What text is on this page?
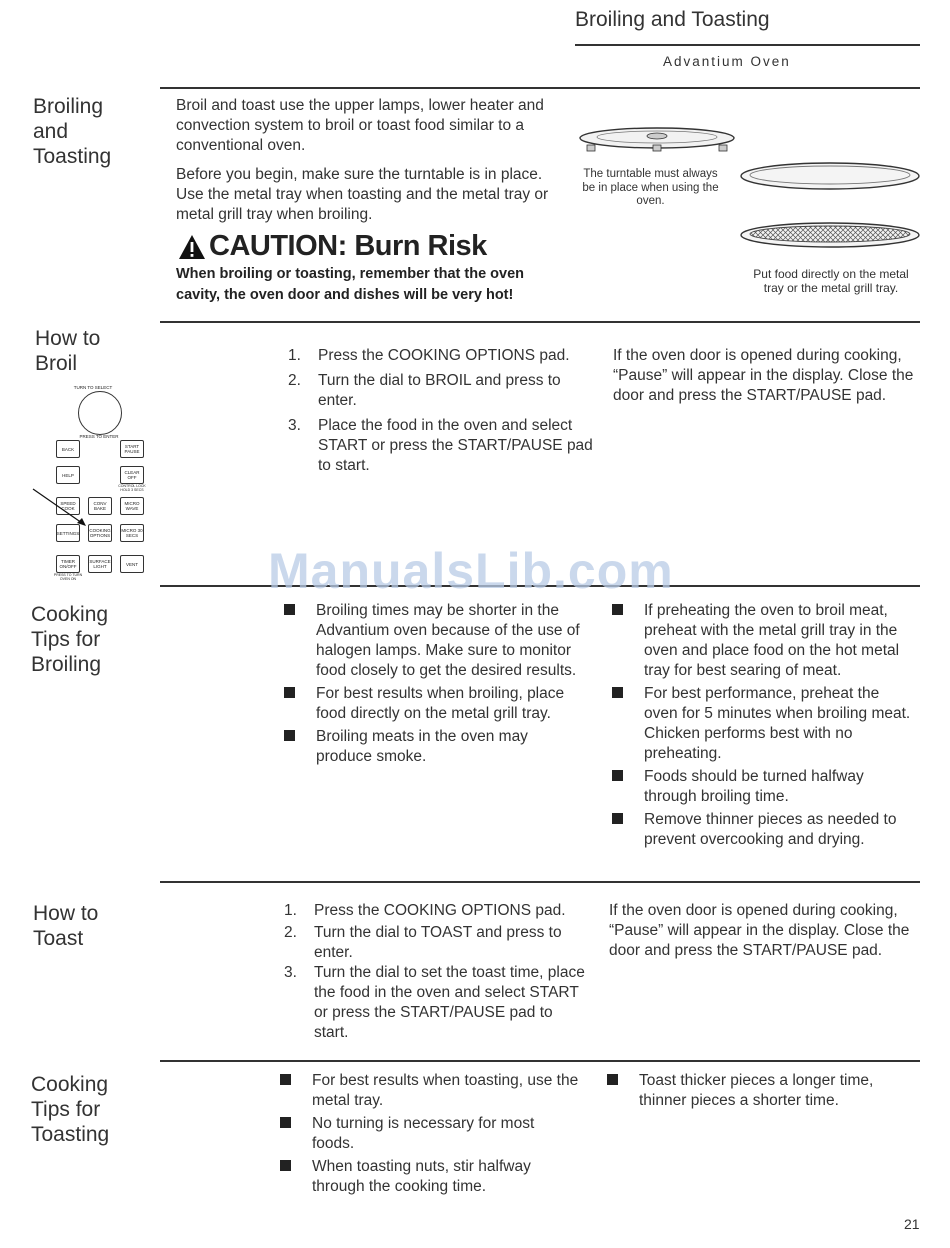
Broiling and Toasting
Advantium Oven
Broiling and Toasting
Broil and toast use the upper lamps, lower heater and convection system to broil or toast food similar to a conventional oven.
Before you begin, make sure the turntable is in place. Use the metal tray when toasting and the metal tray or metal grill tray when broiling.
The turntable must always be in place when using the oven.
Put food directly on the metal tray or the metal grill tray.
CAUTION: Burn Risk
When broiling or toasting, remember that the oven cavity, the oven door and dishes will be very hot!
How to Broil	1. Press the COOKING OPTIONS pad.
2. Turn the dial to BROIL and press to enter.
3. Place the food in the oven and select START or press the START/PAUSE pad to start.
If the oven door is opened during cooking, “Pause” will appear in the display. Close the door and press the START/PAUSE pad.
TURN TO SELECT
PRESS TO ENTER
BACK	START PAUSE
HELP	CLEAR OFF
CONTROL LOCK HOLD 3 SECS
SPEED COOK
CONV BAKE
MICRO WAVE
SETTINGS	COOKING OPTIONS
MICRO 30 SECS
TIMER ON/OFF
SURFACE LIGHT	VENT
PRESS TO TURN OVEN ON
Cooking Tips for Broiling
Broiling times may be shorter in the Advantium oven because of the use of halogen lamps. Make sure to monitor food closely to get the desired results.
For best results when broiling, place food directly on the metal grill tray.
Broiling meats in the oven may produce smoke.
If preheating the oven to broil meat, preheat with the metal grill tray in the oven and place food on the hot metal tray for best searing of meat.
For best performance, preheat the oven for 5 minutes when broiling meat. Chicken performs best with no preheating.
Foods should be turned halfway through broiling time.
Remove thinner pieces as needed to prevent overcooking and drying.
How to Toast
1. Press the COOKING OPTIONS pad.
2. Turn the dial to TOAST and press to enter.
3. Turn the dial to set the toast time, place the food in the oven and select START or press the START/PAUSE pad to start.
If the oven door is opened during cooking, “Pause” will appear in the display. Close the door and press the START/PAUSE pad.
Cooking Tips for Toasting
For best results when toasting, use the metal tray.
No turning is necessary for most foods.
When toasting nuts, stir halfway through the cooking time.
Toast thicker pieces a longer time, thinner pieces a shorter time.
ManualsLib.com
21
